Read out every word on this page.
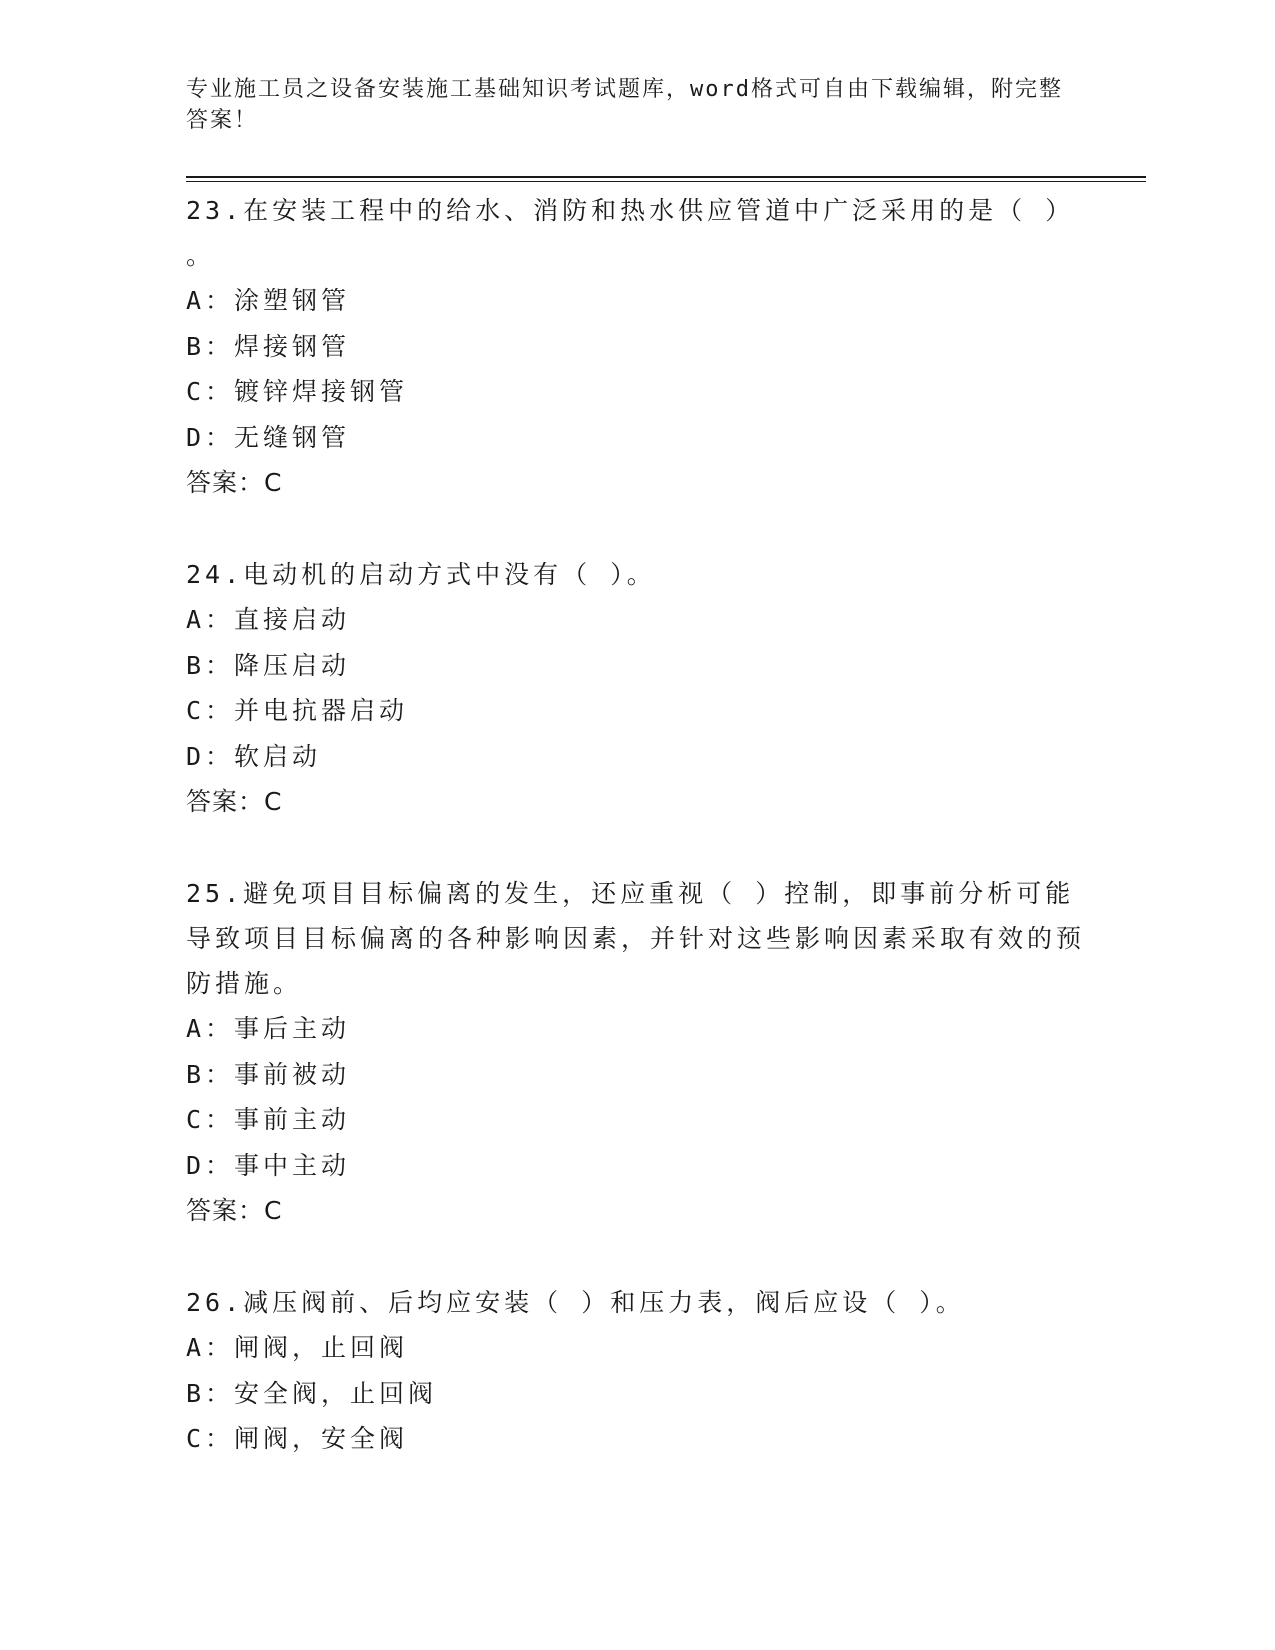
专业施工员之设备安装施工基础知识考试题库，word格式可自由下载编辑，附完整答案！

23.在安装工程中的给水、消防和热水供应管道中广泛采用的是（ ）
。

A：涂塑钢管

B：焊接钢管

C：镀锌焊接钢管

D：无缝钢管

答案：C

24.电动机的启动方式中没有（ ）。

A：直接启动

B：降压启动

C：并电抗器启动

D：软启动

答案：C

25.避免项目目标偏离的发生，还应重视（ ）控制，即事前分析可能导致项目目标偏离的各种影响因素，并针对这些影响因素采取有效的预防措施。

A：事后主动

B：事前被动

C：事前主动

D：事中主动

答案：C

26.减压阀前、后均应安装（ ）和压力表，阀后应设（ ）。

A：闸阀，止回阀

B：安全阀，止回阀

C：闸阀，安全阀
